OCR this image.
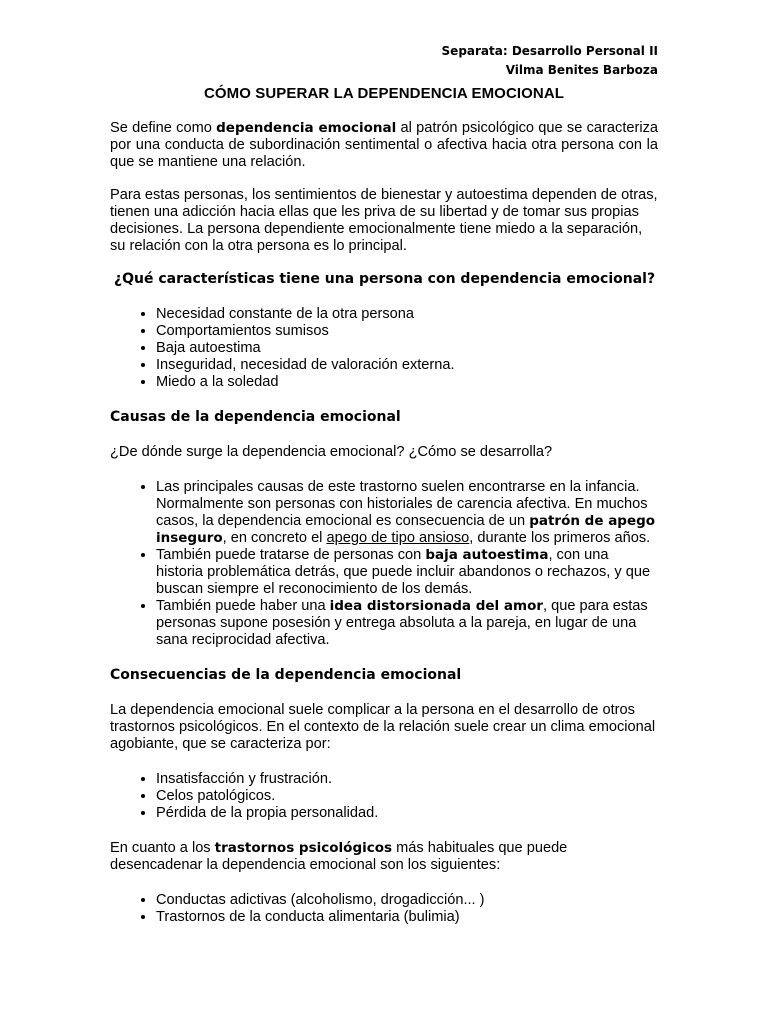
Separata: Desarrollo Personal II
Vilma Benites Barboza
CÓMO SUPERAR LA DEPENDENCIA EMOCIONAL

Se define como dependencia emocional al patrón psicológico que se caracteriza por una conducta de subordinación sentimental o afectiva hacia otra persona con la que se mantiene una relación.

Para estas personas, los sentimientos de bienestar y autoestima dependen de otras, tienen una adicción hacia ellas que les priva de su libertad y de tomar sus propias decisiones. La persona dependiente emocionalmente tiene miedo a la separación, su relación con la otra persona es lo principal.

¿Qué características tiene una persona con dependencia emocional?
• Necesidad constante de la otra persona
• Comportamientos sumisos
• Baja autoestima
• Inseguridad, necesidad de valoración externa.
• Miedo a la soledad
Causas de la dependencia emocional

¿De dónde surge la dependencia emocional? ¿Cómo se desarrolla?

• Las principales causas de este trastorno suelen encontrarse en la infancia. Normalmente son personas con historiales de carencia afectiva. En muchos casos, la dependencia emocional es consecuencia de un patrón de apego inseguro, en concreto el apego de tipo ansioso, durante los primeros años.
• También puede tratarse de personas con baja autoestima, con una historia problemática detrás, que puede incluir abandonos o rechazos, y que buscan siempre el reconocimiento de los demás.
• También puede haber una idea distorsionada del amor, que para estas personas supone posesión y entrega absoluta a la pareja, en lugar de una sana reciprocidad afectiva.
Consecuencias de la dependencia emocional

La dependencia emocional suele complicar a la persona en el desarrollo de otros trastornos psicológicos. En el contexto de la relación suele crear un clima emocional agobiante, que se caracteriza por:

• Insatisfacción y frustración.
• Celos patológicos.
• Pérdida de la propia personalidad.

En cuanto a los trastornos psicológicos más habituales que puede desencadenar la dependencia emocional son los siguientes:

• Conductas adictivas (alcoholismo, drogadicción... )
• Trastornos de la conducta alimentaria (bulimia)
